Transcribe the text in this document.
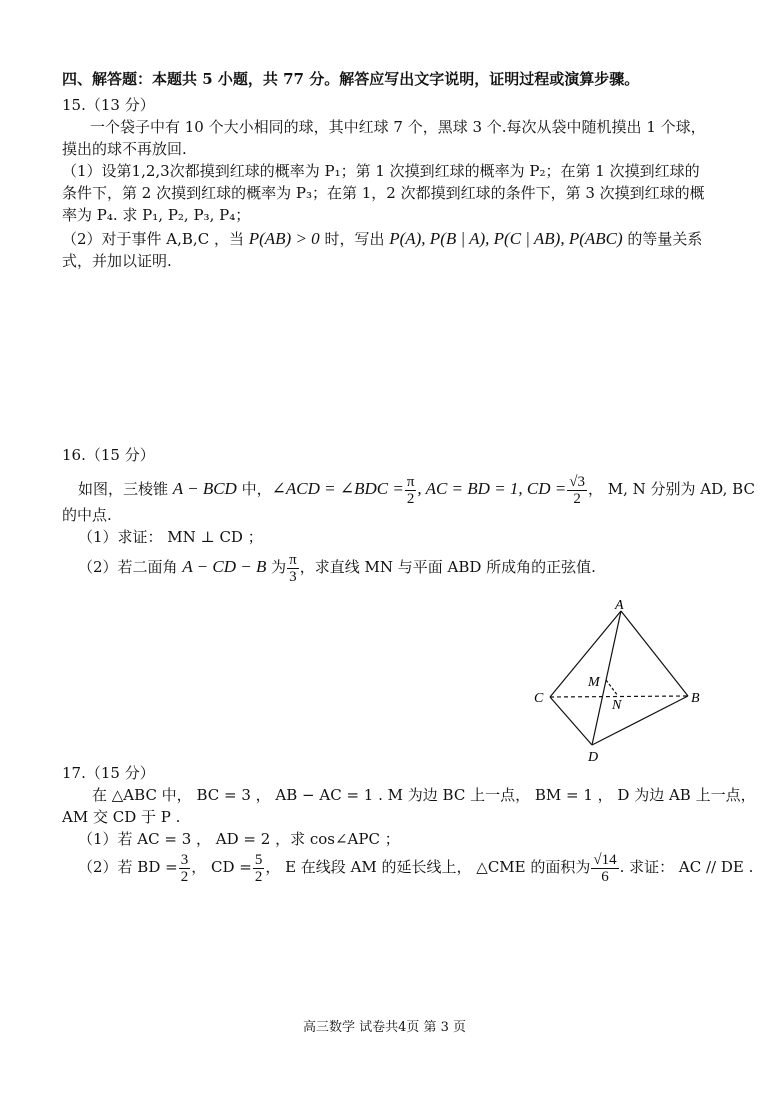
四、解答题：本题共 5 小题，共 77 分。解答应写出文字说明，证明过程或演算步骤。
15.（13 分）
一个袋子中有 10 个大小相同的球，其中红球 7 个，黑球 3 个.每次从袋中随机摸出 1 个球，
摸出的球不再放回.
（1）设第1,2,3次都摸到红球的概率为 P₁；第 1 次摸到红球的概率为 P₂；在第 1 次摸到红球的
条件下，第 2 次摸到红球的概率为 P₃；在第 1，2 次都摸到红球的条件下，第 3 次摸到红球的概
率为 P₄. 求 P₁, P₂, P₃, P₄；
（2）对于事件 A,B,C ，当 P(AB) > 0 时，写出 P(A), P(B | A), P(C | AB), P(ABC) 的等量关系
式，并加以证明.
16.（15 分）
如图，三棱锥 A − BCD 中，∠ACD = ∠BDC = $\frac{\pi}{2}$ , AC = BD = 1, CD = $\frac{√3}{2}$ ， M, N 分别为 AD, BC
的中点.
（1）求证： MN ⊥ CD ；
（2）若二面角 A − CD − B 为 $\frac{\pi}{3}$ ，求直线 MN 与平面 ABD 所成角的正弦值.
A
B
C
D
M
N
17.（15 分）
在 △ABC 中， BC = 3 ， AB − AC = 1 . M 为边 BC 上一点， BM = 1 ， D 为边 AB 上一点，
AM 交 CD 于 P .
（1）若 AC = 3 ， AD = 2 ，求 cos∠APC ；
（2）若 BD = $\frac{3}{2}$ ， CD = $\frac{5}{2}$ ， E 在线段 AM 的延长线上， △CME 的面积为 $\frac{√14}{6}$ . 求证： AC // DE .
高三数学 试卷共4页 第 3 页
